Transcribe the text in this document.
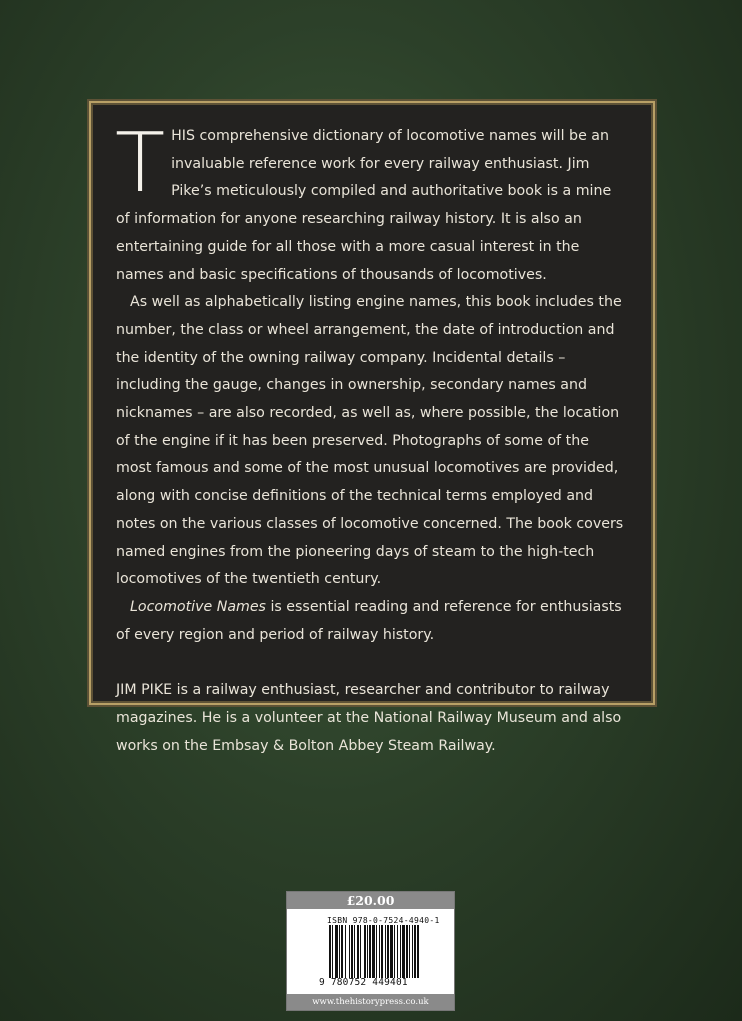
THIS comprehensive dictionary of locomotive names will be an invaluable reference work for every railway enthusiast. Jim Pike’s meticulously compiled and authoritative book is a mine of information for anyone researching railway history. It is also an entertaining guide for all those with a more casual interest in the names and basic specifications of thousands of locomotives.

As well as alphabetically listing engine names, this book includes the number, the class or wheel arrangement, the date of introduction and the identity of the owning railway company. Incidental details – including the gauge, changes in ownership, secondary names and nicknames – are also recorded, as well as, where possible, the location of the engine if it has been preserved. Photographs of some of the most famous and some of the most unusual locomotives are provided, along with concise definitions of the technical terms employed and notes on the various classes of locomotive concerned. The book covers named engines from the pioneering days of steam to the high-tech locomotives of the twentieth century.

Locomotive Names is essential reading and reference for enthusiasts of every region and period of railway history.

JIM PIKE is a railway enthusiast, researcher and contributor to railway magazines. He is a volunteer at the National Railway Museum and also works on the Embsay & Bolton Abbey Steam Railway.

£20.00
ISBN 978-0-7524-4940-1
9 780752 449401
www.thehistorypress.co.uk
